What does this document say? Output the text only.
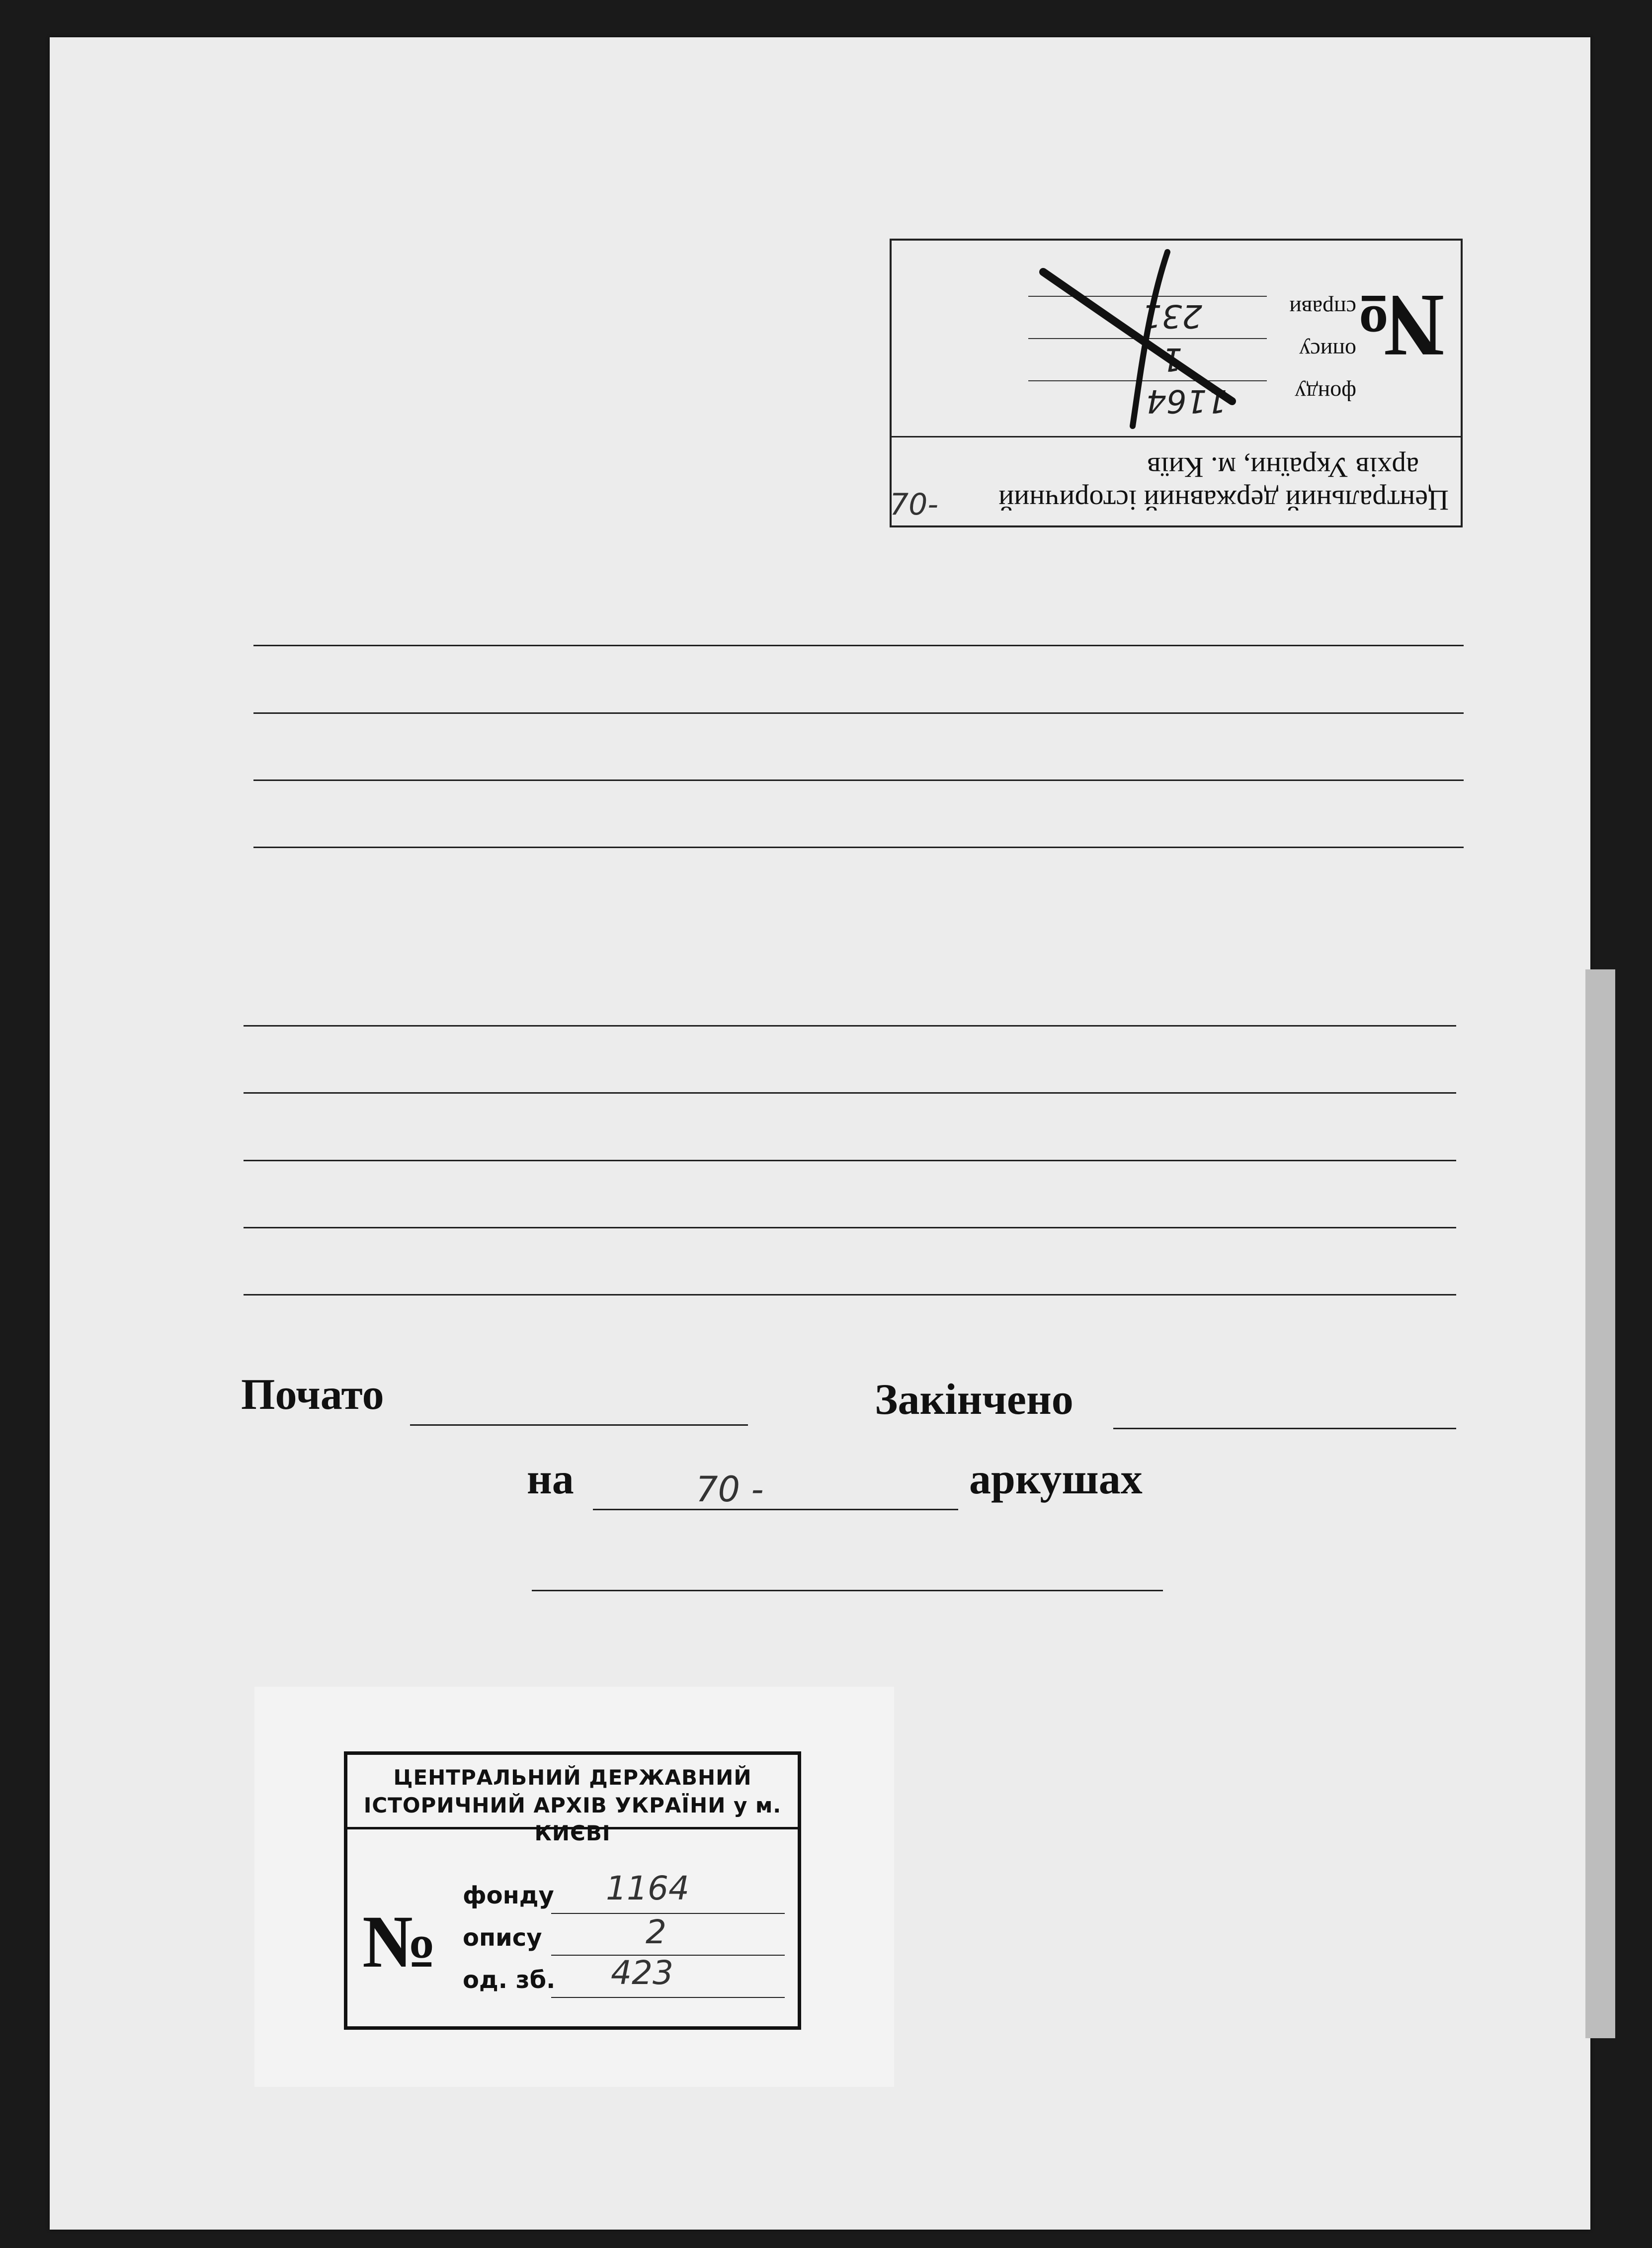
Центральний державний історичний
архів України, м. Київ
№
фонду
1164
опису
1
справи
231
70-
Почато	Закінчено
на	70 -	аркушах
ЦЕНТРАЛЬНИЙ ДЕРЖАВНИЙ
ІСТОРИЧНИЙ АРХІВ УКРАЇНИ у м. КИЄВІ
№
фонду 1164
опису	2
од. зб. 423
